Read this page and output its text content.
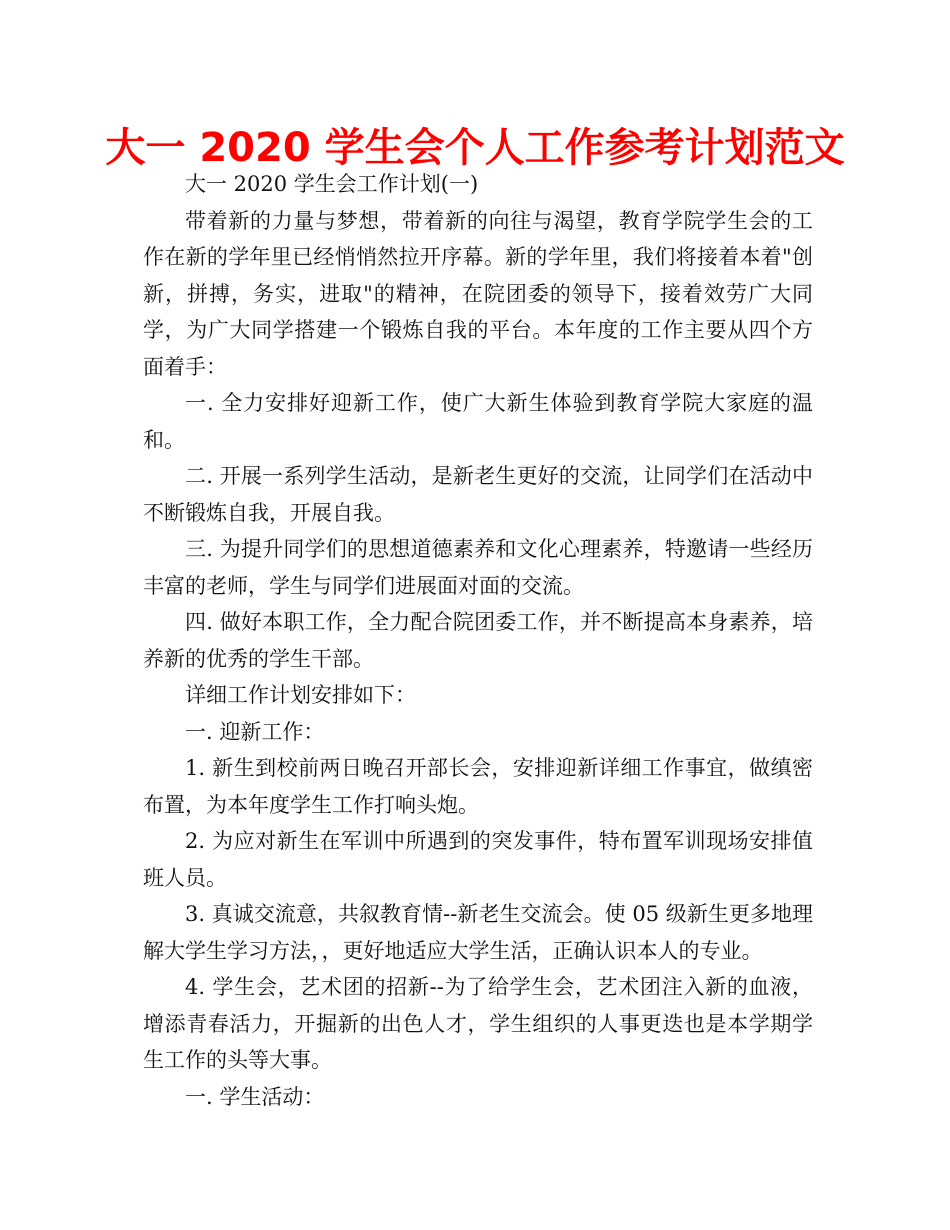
大一 2020 学生会个人工作参考计划范文

大一 2020 学生会工作计划(一)

带着新的力量与梦想，带着新的向往与渴望，教育学院学生会的工作在新的学年里已经悄悄然拉开序幕。新的学年里，我们将接着本着"创新，拼搏，务实，进取"的精神，在院团委的领导下，接着效劳广大同学，为广大同学搭建一个锻炼自我的平台。本年度的工作主要从四个方面着手：

一. 全力安排好迎新工作，使广大新生体验到教育学院大家庭的温和。

二. 开展一系列学生活动，是新老生更好的交流，让同学们在活动中不断锻炼自我，开展自我。

三. 为提升同学们的思想道德素养和文化心理素养，特邀请一些经历丰富的老师，学生与同学们进展面对面的交流。

四. 做好本职工作，全力配合院团委工作，并不断提高本身素养，培养新的优秀的学生干部。

详细工作计划安排如下：

一. 迎新工作：

1. 新生到校前两日晚召开部长会，安排迎新详细工作事宜，做缜密布置，为本年度学生工作打响头炮。

2. 为应对新生在军训中所遇到的突发事件，特布置军训现场安排值班人员。

3. 真诚交流意，共叙教育情--新老生交流会。使 05 级新生更多地理解大学生学习方法，，更好地适应大学生活，正确认识本人的专业。

4. 学生会，艺术团的招新--为了给学生会，艺术团注入新的血液，增添青春活力，开掘新的出色人才，学生组织的人事更迭也是本学期学生工作的头等大事。

一. 学生活动：
